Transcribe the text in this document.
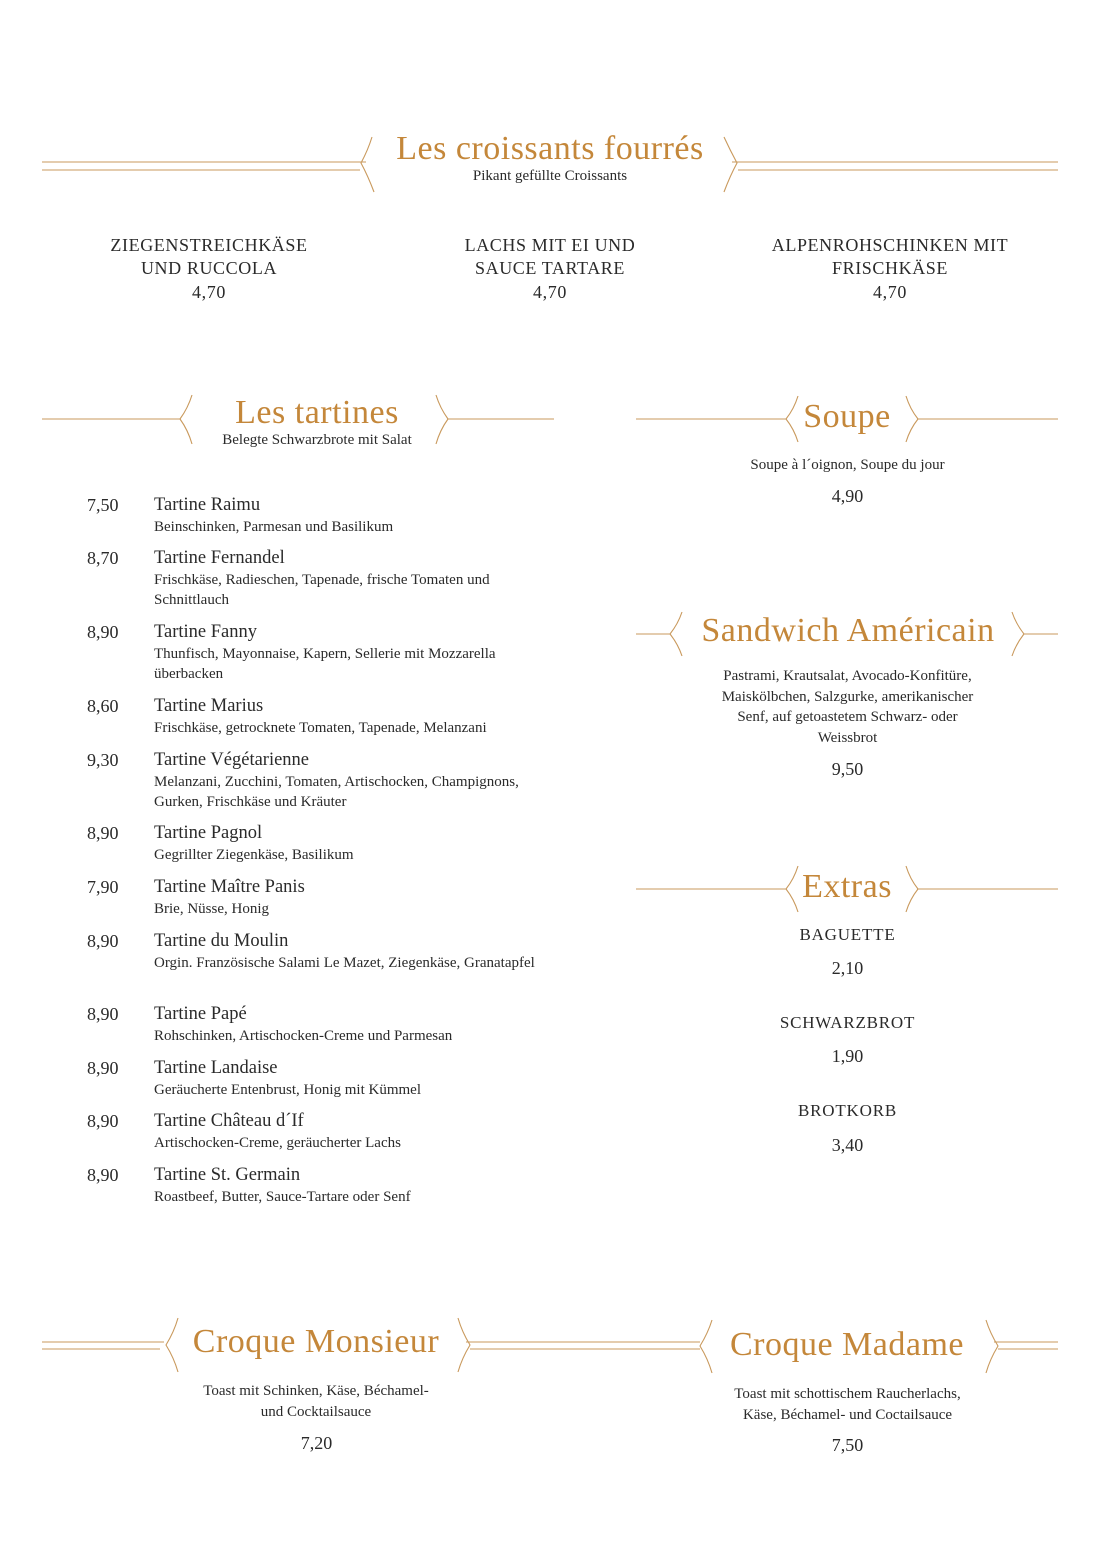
Les croissants fourrés
Pikant gefüllte Croissants
ZIEGENSTREICHKÄSE
UND RUCCOLA
4,70
LACHS MIT EI UND
SAUCE TARTARE
4,70
ALPENROHSCHINKEN MIT
FRISCHKÄSE
4,70
Les tartines
Belegte Schwarzbrote mit Salat
7,50 Tartine Raimu
Beinschinken, Parmesan und Basilikum
8,70 Tartine Fernandel
Frischkäse, Radieschen, Tapenade, frische Tomaten und Schnittlauch
8,90 Tartine Fanny
Thunfisch, Mayonnaise, Kapern, Sellerie mit Mozzarella überbacken
8,60 Tartine Marius
Frischkäse, getrocknete Tomaten, Tapenade, Melanzani
9,30 Tartine Végétarienne
Melanzani, Zucchini, Tomaten, Artischocken, Champignons, Gurken, Frischkäse und Kräuter
8,90 Tartine Pagnol
Gegrillter Ziegenkäse, Basilikum
7,90 Tartine Maître Panis
Brie, Nüsse, Honig
8,90 Tartine du Moulin
Orgin. Französische Salami Le Mazet, Ziegenkäse, Granatapfel
8,90 Tartine Papé
Rohschinken, Artischocken-Creme und Parmesan
8,90 Tartine Landaise
Geräucherte Entenbrust, Honig mit Kümmel
8,90 Tartine Château d´If
Artischocken-Creme, geräucherter Lachs
8,90 Tartine St. Germain
Roastbeef, Butter, Sauce-Tartare oder Senf
Soupe
Soupe à l´oignon, Soupe du jour
4,90
Sandwich Américain
Pastrami, Krautsalat, Avocado-Konfitüre,
Maiskölbchen, Salzgurke, amerikanischer
Senf, auf getoastetem Schwarz- oder
Weissbrot
9,50
Extras
BAGUETTE
2,10
SCHWARZBROT
1,90
BROTKORB
3,40
Croque Monsieur
Toast mit Schinken, Käse, Béchamel-
und Cocktailsauce
7,20
Croque Madame
Toast mit schottischem Raucherlachs,
Käse, Béchamel- und Coctailsauce
7,50
